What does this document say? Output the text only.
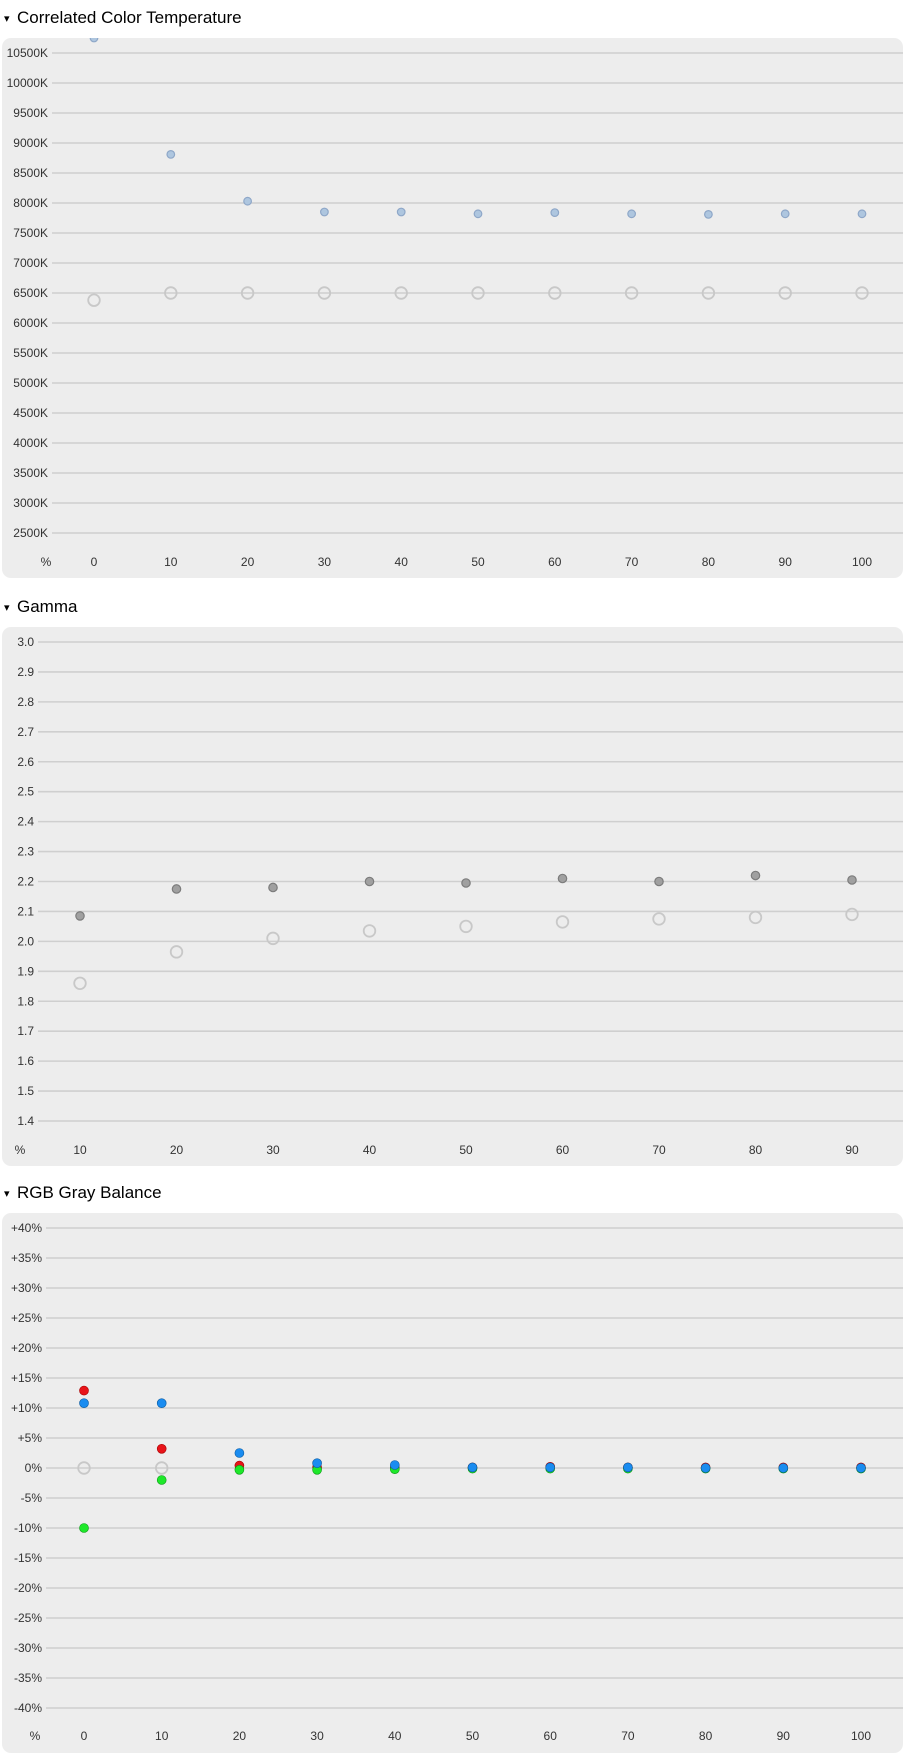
▾ Correlated Color Temperature
10500K
10000K
9500K
9000K
8500K
8000K
7500K
7000K
6500K
6000K
5500K
5000K
4500K
4000K
3500K
3000K
2500K
%	0	10	20	30	40	50	60	70	80	90	100
▾ Gamma
3.0
2.9
2.8
2.7
2.6
2.5
2.4
2.3
2.2
2.1
2.0
1.9
1.8
1.7
1.6
1.5
1.4
%	10	20	30	40	50	60	70	80	90
▾ RGB Gray Balance
+40%
+35%
+30%
+25%
+20%
+15%
+10%
+5%
0%
-5%
-10%
-15%
-20%
-25%
-30%
-35%
-40%
%	0	10	20	30	40	50	60	70	80	90	100
